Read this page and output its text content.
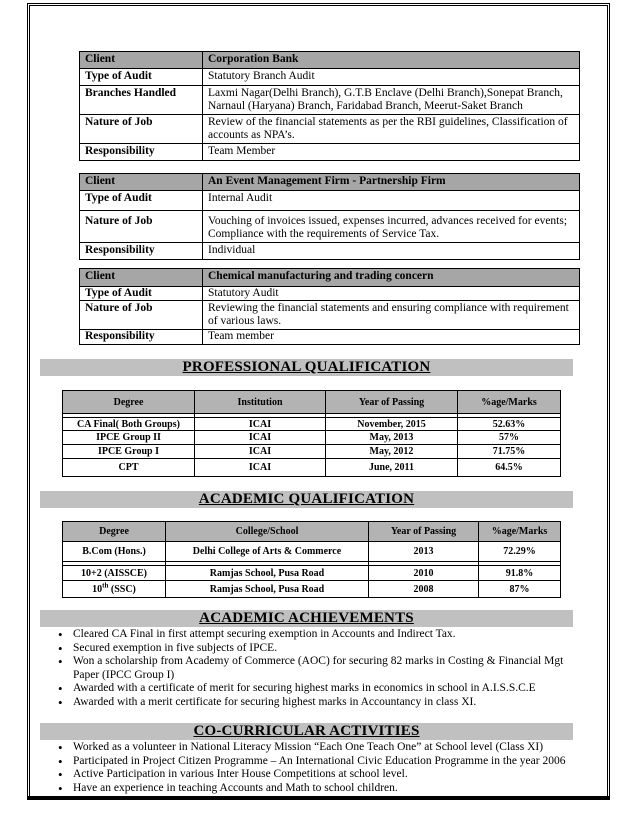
Client	Corporation Bank
Type of Audit	Statutory Branch Audit
Branches Handled	Laxmi Nagar(Delhi Branch), G.T.B Enclave (Delhi Branch),Sonepat Branch, Narnaul (Haryana) Branch, Faridabad Branch, Meerut-Saket Branch
Nature of Job	Review of the financial statements as per the RBI guidelines, Classification of accounts as NPA’s.
Responsibility	Team Member
Client	An Event Management Firm - Partnership Firm
Type of Audit	Internal Audit
Nature of Job	Vouching of invoices issued, expenses incurred, advances received for events; Compliance with the requirements of Service Tax.
Responsibility	Individual
Client	Chemical manufacturing and trading concern
Type of Audit	Statutory Audit
Nature of Job	Reviewing the financial statements and ensuring compliance with requirement of various laws.
Responsibility	Team member
PROFESSIONAL QUALIFICATION
Degree	Institution	Year of Passing	%age/Marks

CA Final( Both Groups)	ICAI	November, 2015	52.63%
IPCE Group II	ICAI	May, 2013	57%
IPCE Group I	ICAI	May, 2012	71.75%
CPT	ICAI	June, 2011	64.5%
ACADEMIC QUALIFICATION
Degree	College/School	Year of Passing	%age/Marks
B.Com (Hons.)	Delhi College of Arts & Commerce	2013	72.29%

10+2 (AISSCE)	Ramjas School, Pusa Road	2010	91.8%
10th (SSC)	Ramjas School, Pusa Road	2008	87%
ACADEMIC ACHIEVEMENTS
• Cleared CA Final in first attempt securing exemption in Accounts and Indirect Tax.
• Secured exemption in five subjects of IPCE.
• Won a scholarship from Academy of Commerce (AOC) for securing 82 marks in Costing & Financial Mgt Paper (IPCC Group I)
• Awarded with a certificate of merit for securing highest marks in economics in school in A.I.S.S.C.E
• Awarded with a merit certificate for securing highest marks in Accountancy in class XI.
CO-CURRICULAR ACTIVITIES
• Worked as a volunteer in National Literacy Mission “Each One Teach One” at School level (Class XI)
• Participated in Project Citizen Programme – An International Civic Education Programme in the year 2006
• Active Participation in various Inter House Competitions at school level.
• Have an experience in teaching Accounts and Math to school children.
